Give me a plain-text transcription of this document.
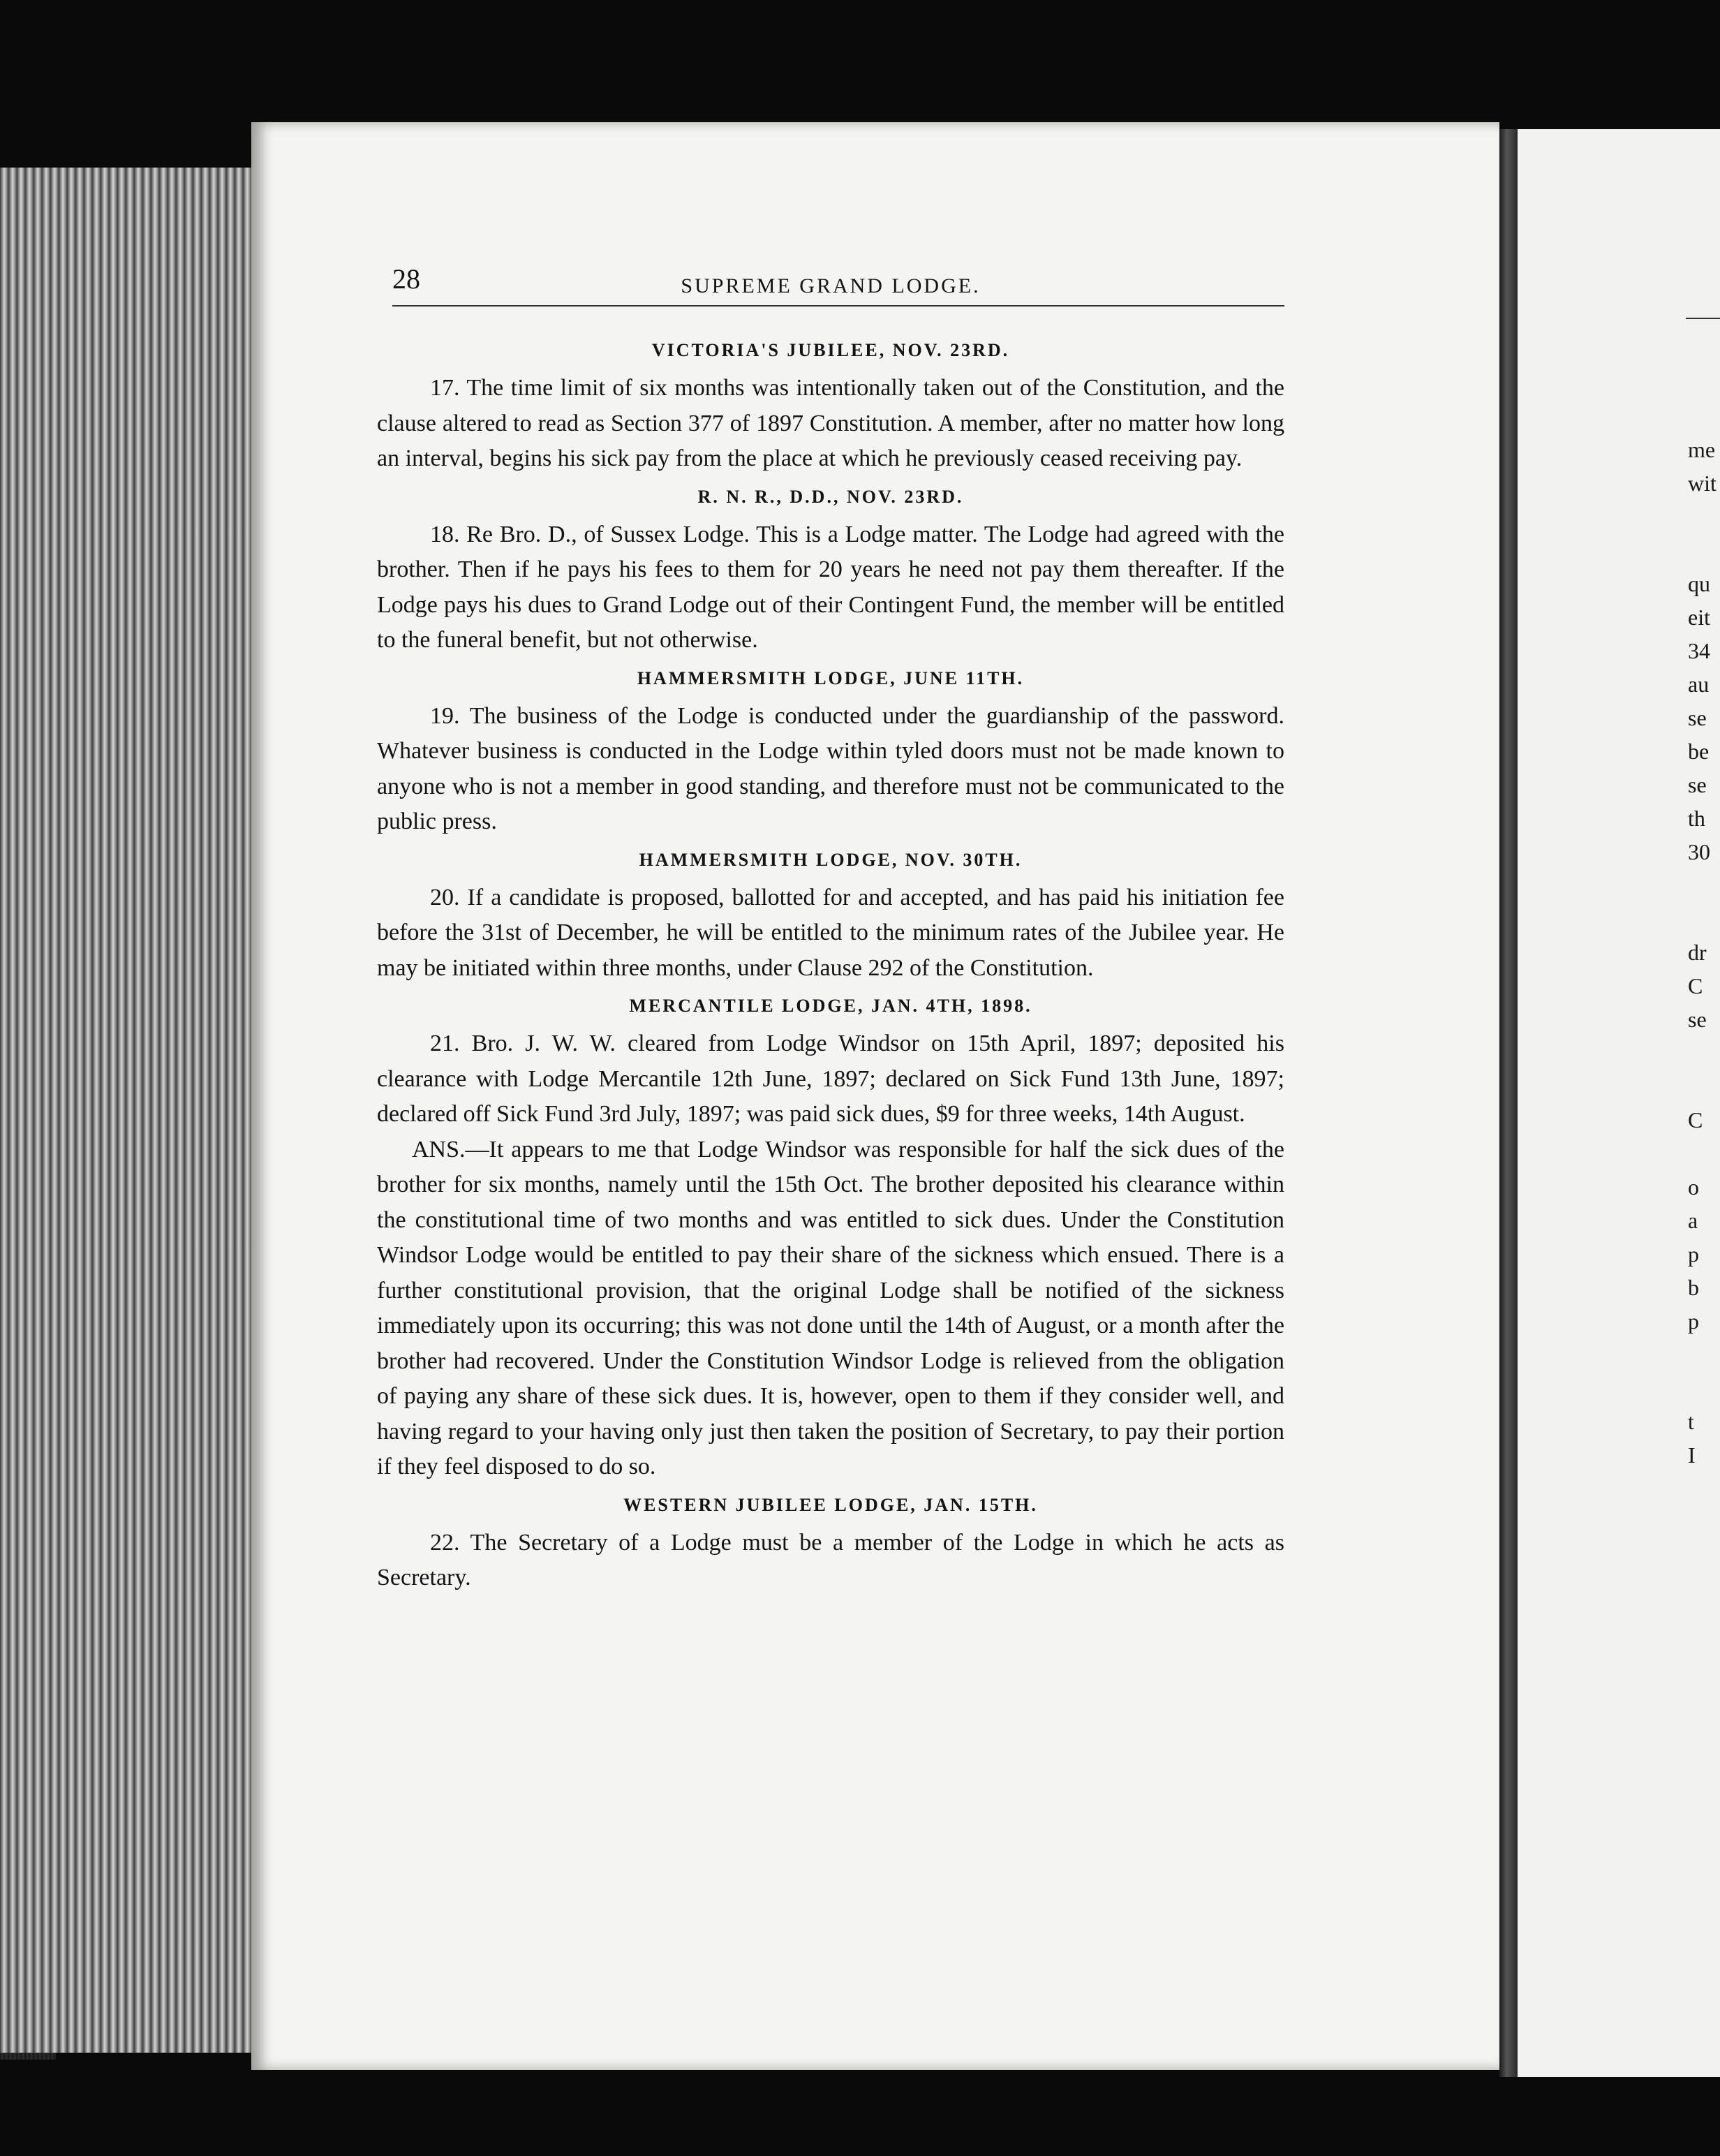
28	SUPREME GRAND LODGE.
VICTORIA'S JUBILEE, NOV. 23RD.

17. The time limit of six months was intentionally taken out of the Constitution, and the clause altered to read as Section 377 of 1897 Constitution. A member, after no matter how long an interval, begins his sick pay from the place at which he previously ceased receiving pay.

R. N. R., D.D., NOV. 23RD.

18. Re Bro. D., of Sussex Lodge. This is a Lodge matter. The Lodge had agreed with the brother. Then if he pays his fees to them for 20 years he need not pay them thereafter. If the Lodge pays his dues to Grand Lodge out of their Contingent Fund, the member will be entitled to the funeral benefit, but not otherwise.

HAMMERSMITH LODGE, JUNE 11TH.

19. The business of the Lodge is conducted under the guardianship of the password. Whatever business is conducted in the Lodge within tyled doors must not be made known to anyone who is not a member in good standing, and therefore must not be communicated to the public press.

HAMMERSMITH LODGE, NOV. 30TH.

20. If a candidate is proposed, ballotted for and accepted, and has paid his initiation fee before the 31st of December, he will be entitled to the minimum rates of the Jubilee year. He may be initiated within three months, under Clause 292 of the Constitution.

MERCANTILE LODGE, JAN. 4TH, 1898.

21. Bro. J. W. W. cleared from Lodge Windsor on 15th April, 1897; deposited his clearance with Lodge Mercantile 12th June, 1897; declared on Sick Fund 13th June, 1897; declared off Sick Fund 3rd July, 1897; was paid sick dues, $9 for three weeks, 14th August.

ANS.—It appears to me that Lodge Windsor was responsible for half the sick dues of the brother for six months, namely until the 15th Oct. The brother deposited his clearance within the constitutional time of two months and was entitled to sick dues. Under the Constitution Windsor Lodge would be entitled to pay their share of the sickness which ensued. There is a further constitutional provision, that the original Lodge shall be notified of the sickness immediately upon its occurring; this was not done until the 14th of August, or a month after the brother had recovered. Under the Constitution Windsor Lodge is relieved from the obligation of paying any share of these sick dues. It is, however, open to them if they consider well, and having regard to your having only just then taken the position of Secretary, to pay their portion if they feel disposed to do so.

WESTERN JUBILEE LODGE, JAN. 15TH.

22. The Secretary of a Lodge must be a member of the Lodge in which he acts as Secretary.

me
wit
qu
eit
34
au
se
be
se
th
30
dr
C
se
C
o
a
p
b
p
t
I
